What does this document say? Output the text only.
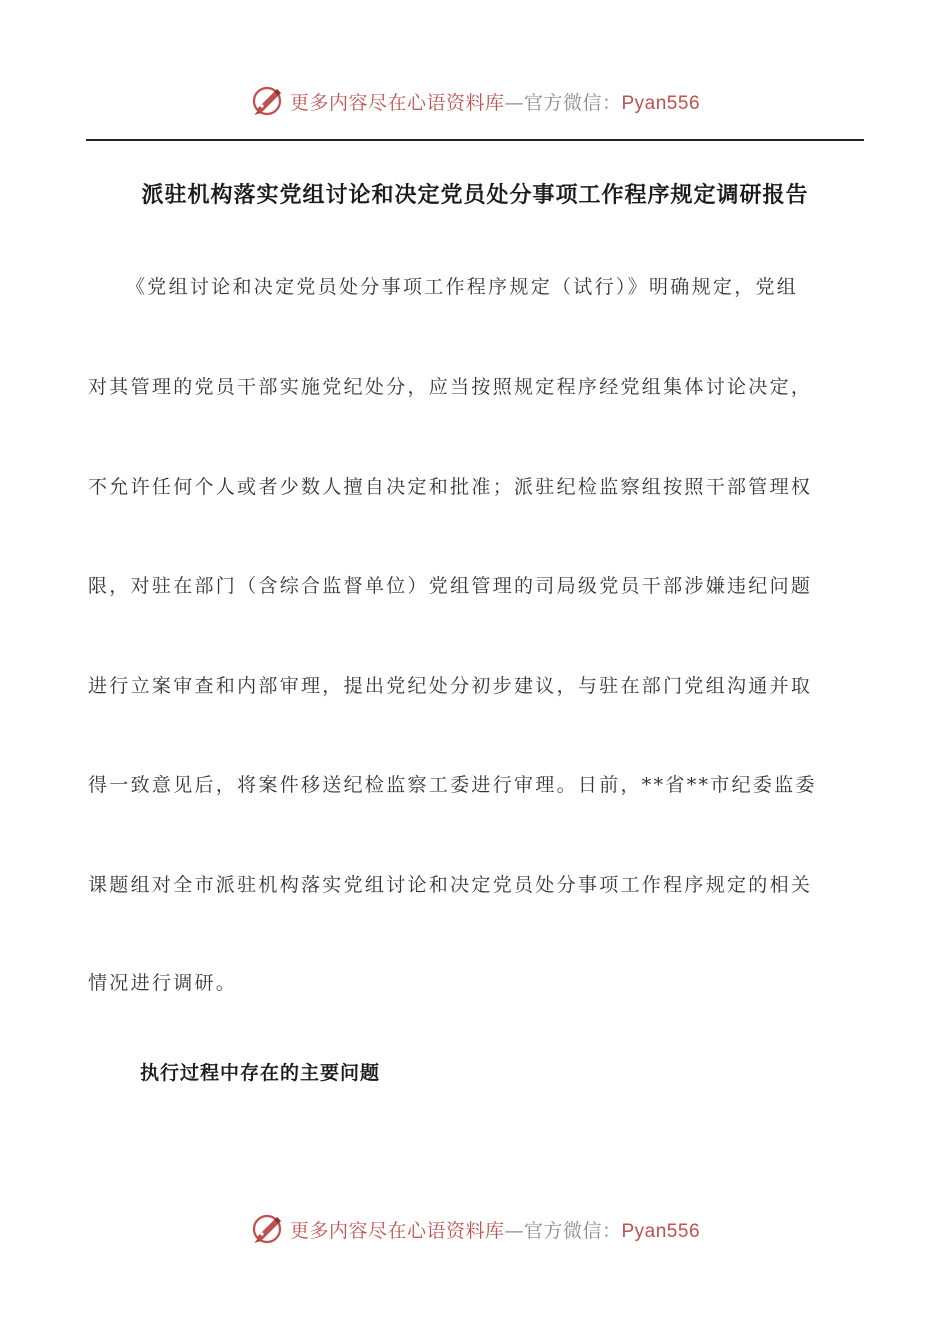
更多内容尽在心语资料库 —官方微信： Pyan556
派驻机构落实党组讨论和决定党员处分事项工作程序规定调研报告

《党组讨论和决定党员处分事项工作程序规定（试行）》明确规定，党组

对其管理的党员干部实施党纪处分，应当按照规定程序经党组集体讨论决定，

不允许任何个人或者少数人擅自决定和批准；派驻纪检监察组按照干部管理权

限，对驻在部门（含综合监督单位）党组管理的司局级党员干部涉嫌违纪问题

进行立案审查和内部审理，提出党纪处分初步建议，与驻在部门党组沟通并取

得一致意见后，将案件移送纪检监察工委进行审理。日前，**省**市纪委监委

课题组对全市派驻机构落实党组讨论和决定党员处分事项工作程序规定的相关

情况进行调研。

执行过程中存在的主要问题
更多内容尽在心语资料库 —官方微信： Pyan556
